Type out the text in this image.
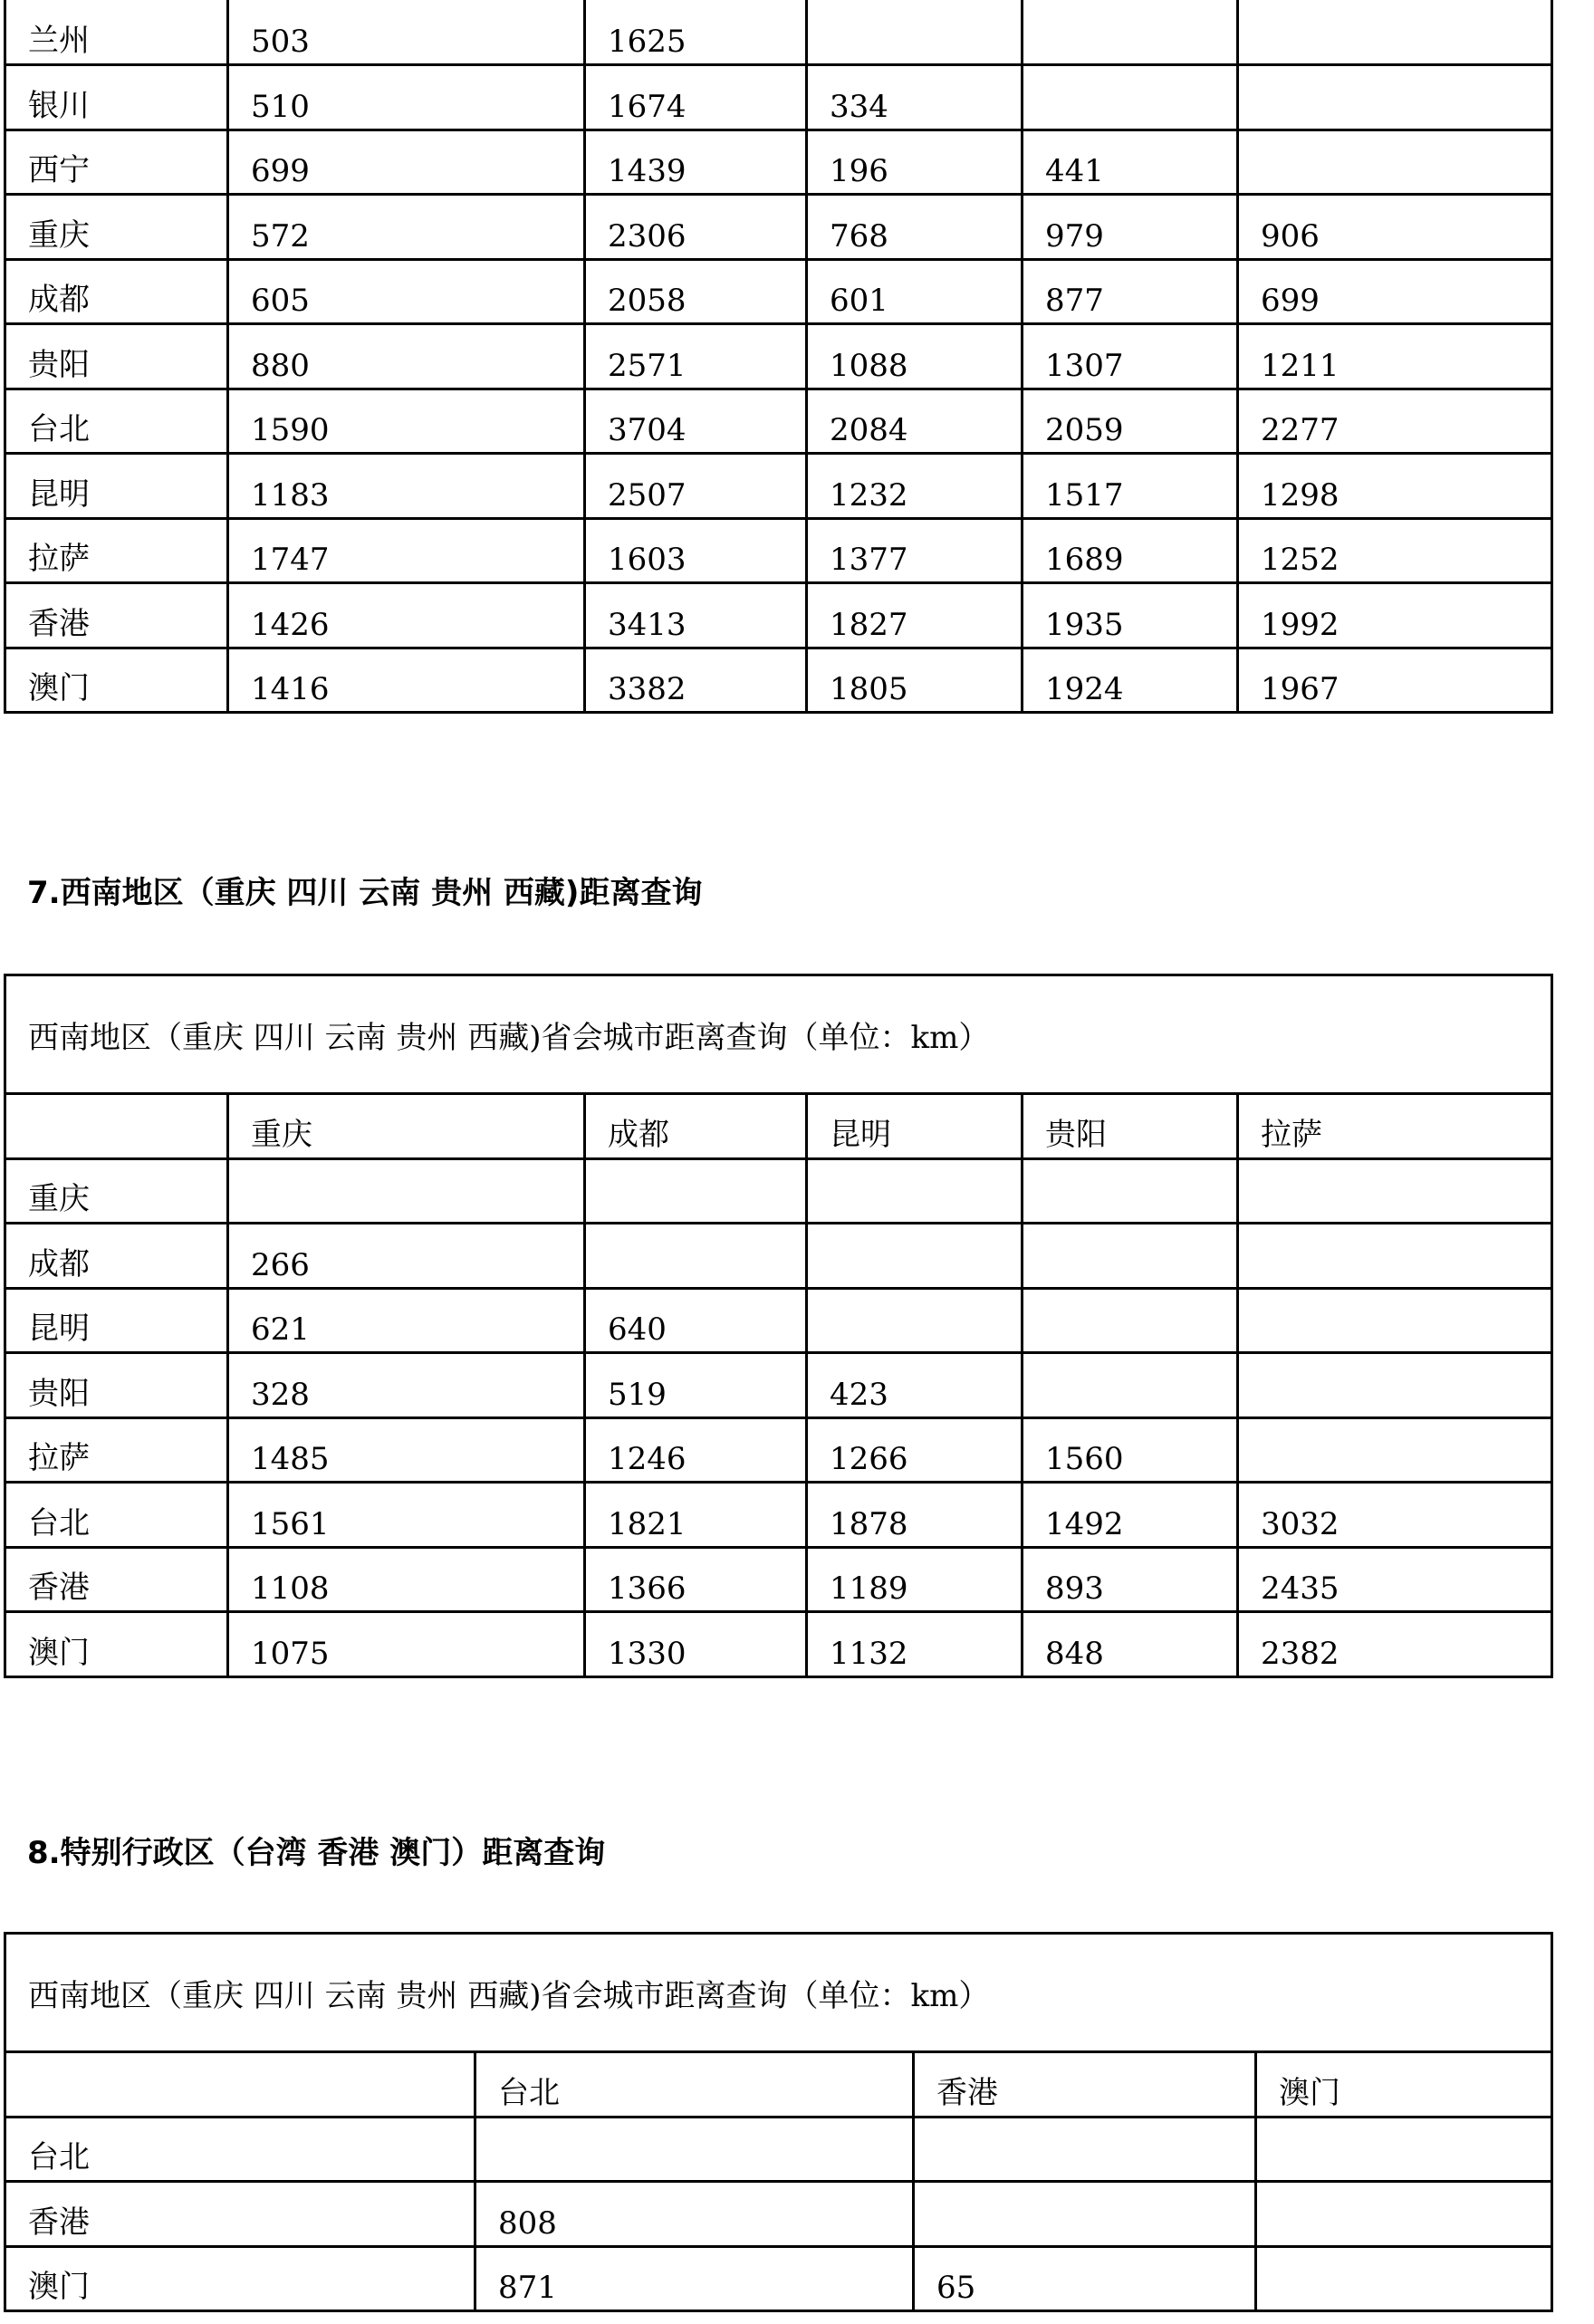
兰州	503	1625			
银川	510	1674	334		
西宁	699	1439	196	441	
重庆	572	2306	768	979	906
成都	605	2058	601	877	699
贵阳	880	2571	1088	1307	1211
台北	1590	3704	2084	2059	2277
昆明	1183	2507	1232	1517	1298
拉萨	1747	1603	1377	1689	1252
香港	1426	3413	1827	1935	1992
澳门	1416	3382	1805	1924	1967
7.西南地区（重庆 四川 云南 贵州 西藏)距离查询
西南地区（重庆 四川 云南 贵州 西藏)省会城市距离查询（单位：km）					
	重庆	成都	昆明	贵阳	拉萨
重庆					
成都	266				
昆明	621	640			
贵阳	328	519	423		
拉萨	1485	1246	1266	1560	
台北	1561	1821	1878	1492	3032
香港	1108	1366	1189	893	2435
澳门	1075	1330	1132	848	2382
8.特别行政区（台湾 香港 澳门）距离查询
西南地区（重庆 四川 云南 贵州 西藏)省会城市距离查询（单位：km）			
	台北	香港	澳门
台北			
香港	808		
澳门	871	65	
